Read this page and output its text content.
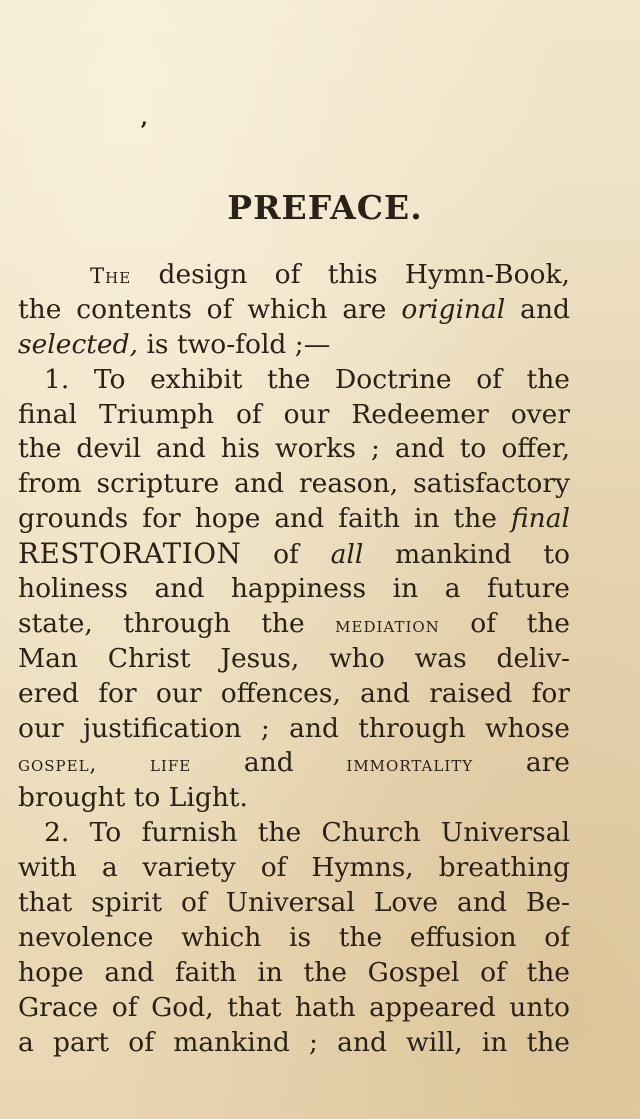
’
PREFACE.
The design of this Hymn-Book,
the contents of which are original and
selected, is two-fold ;—
1. To exhibit the Doctrine of the
final Triumph of our Redeemer over
the devil and his works ; and to offer,
from scripture and reason, satisfactory
grounds for hope and faith in the final
RESTORATION of all mankind to
holiness and happiness in a future
state, through the mediation of the
Man Christ Jesus, who was deliv-
ered for our offences, and raised for
our justification ; and through whose
gospel, life and immortality are
brought to Light.
2. To furnish the Church Universal
with a variety of Hymns, breathing
that spirit of Universal Love and Be-
nevolence which is the effusion of
hope and faith in the Gospel of the
Grace of God, that hath appeared unto
a part of mankind ; and will, in the
